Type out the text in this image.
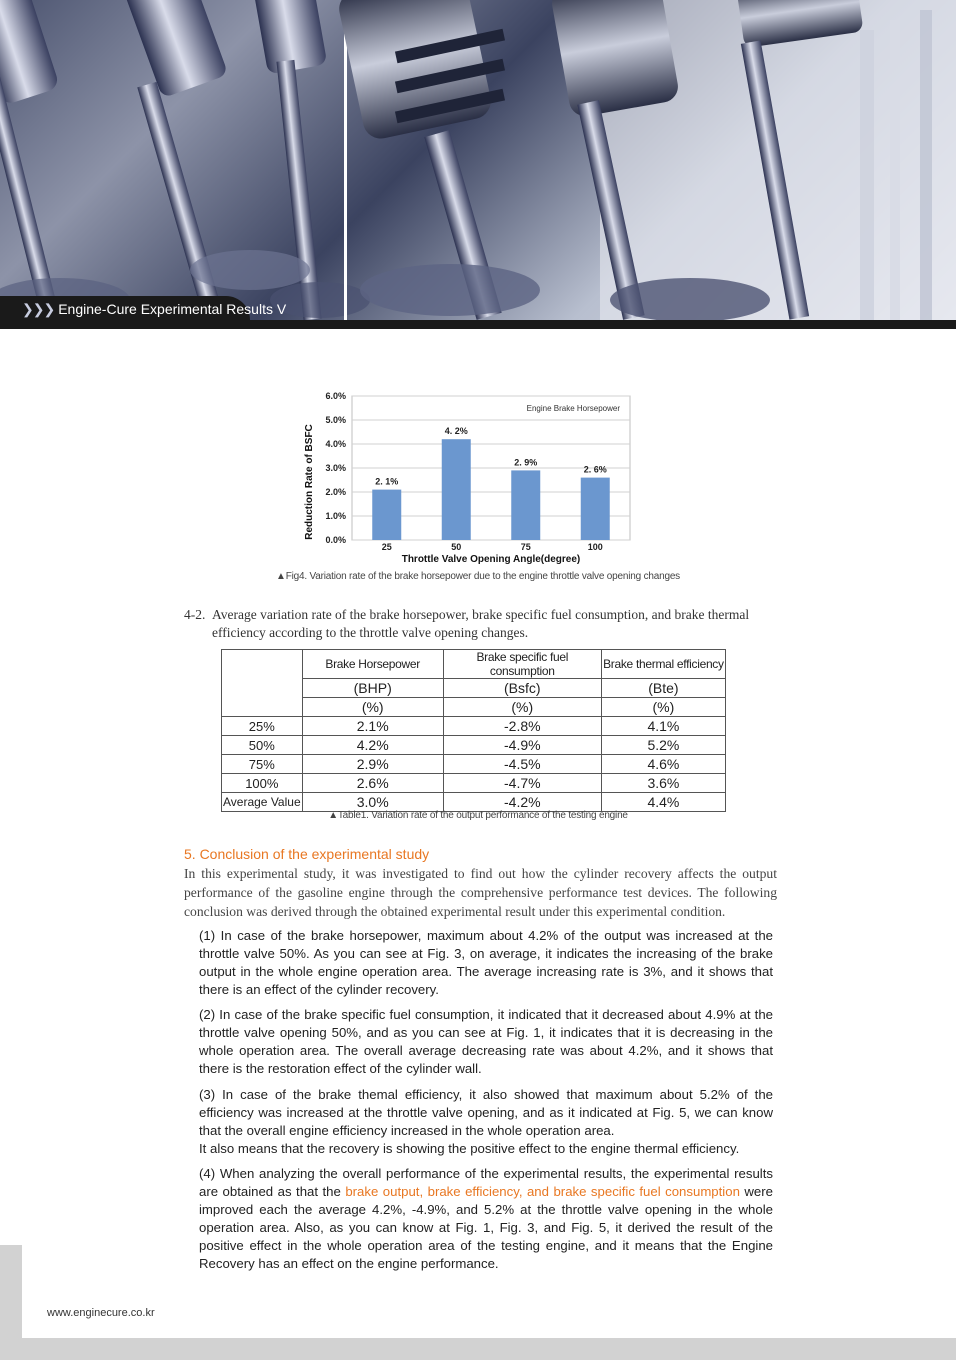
❯❯❯ Engine-Cure Experimental Results V
0.0%
1.0%
2.0%
3.0%
4.0%
5.0%
6.0%
2. 1%
25
4. 2%
50
2. 9%
75
2. 6%
100
Throttle Valve Opening Angle(degree)
Reduction Rate of BSFC
Engine Brake Horsepower
▲Fig4. Variation rate of the brake horsepower due to the engine throttle valve opening changes
4-2. Average variation rate of the brake horsepower, brake specific fuel consumption, and brake thermal
efficiency according to the throttle valve opening changes.
	Brake Horsepower	Brake specific fuel consumption	Brake thermal efficiency
	(BHP)	(Bsfc)	(Bte)
	(%)	(%)	(%)
25%	2.1%	-2.8%	4.1%
50%	4.2%	-4.9%	5.2%
75%	2.9%	-4.5%	4.6%
100%	2.6%	-4.7%	3.6%
Average Value	3.0%	-4.2%	4.4%
▲Table1. Variation rate of the output performance of the testing engine
5. Conclusion of the experimental study
In this experimental study, it was investigated to find out how the cylinder recovery affects the output performance of the gasoline engine through the comprehensive performance test devices. The following conclusion was derived through the obtained experimental result under this experimental condition.
(1) In case of the brake horsepower, maximum about 4.2% of the output was increased at the throttle valve 50%. As you can see at Fig. 3, on average, it indicates the increasing of the brake output in the whole engine operation area. The average increasing rate is 3%, and it shows that there is an effect of the cylinder recovery.
(2) In case of the brake specific fuel consumption, it indicated that it decreased about 4.9% at the throttle valve opening 50%, and as you can see at Fig. 1, it indicates that it is decreasing in the whole operation area. The overall average decreasing rate was about 4.2%, and it shows that there is the restoration effect of the cylinder wall.
(3) In case of the brake themal efficiency, it also showed that maximum about 5.2% of the efficiency was increased at the throttle valve opening, and as it indicated at Fig. 5, we can know that the overall engine efficiency increased in the whole operation area.
It also means that the recovery is showing the positive effect to the engine thermal efficiency.
(4) When analyzing the overall performance of the experimental results, the experimental results are obtained as that the brake output, brake efficiency, and brake specific fuel consumption were improved each the average 4.2%, -4.9%, and 5.2% at the throttle valve opening in the whole operation area. Also, as you can know at Fig. 1, Fig. 3, and Fig. 5, it derived the result of the positive effect in the whole operation area of the testing engine, and it means that the Engine Recovery has an effect on the engine performance.
www.enginecure.co.kr
